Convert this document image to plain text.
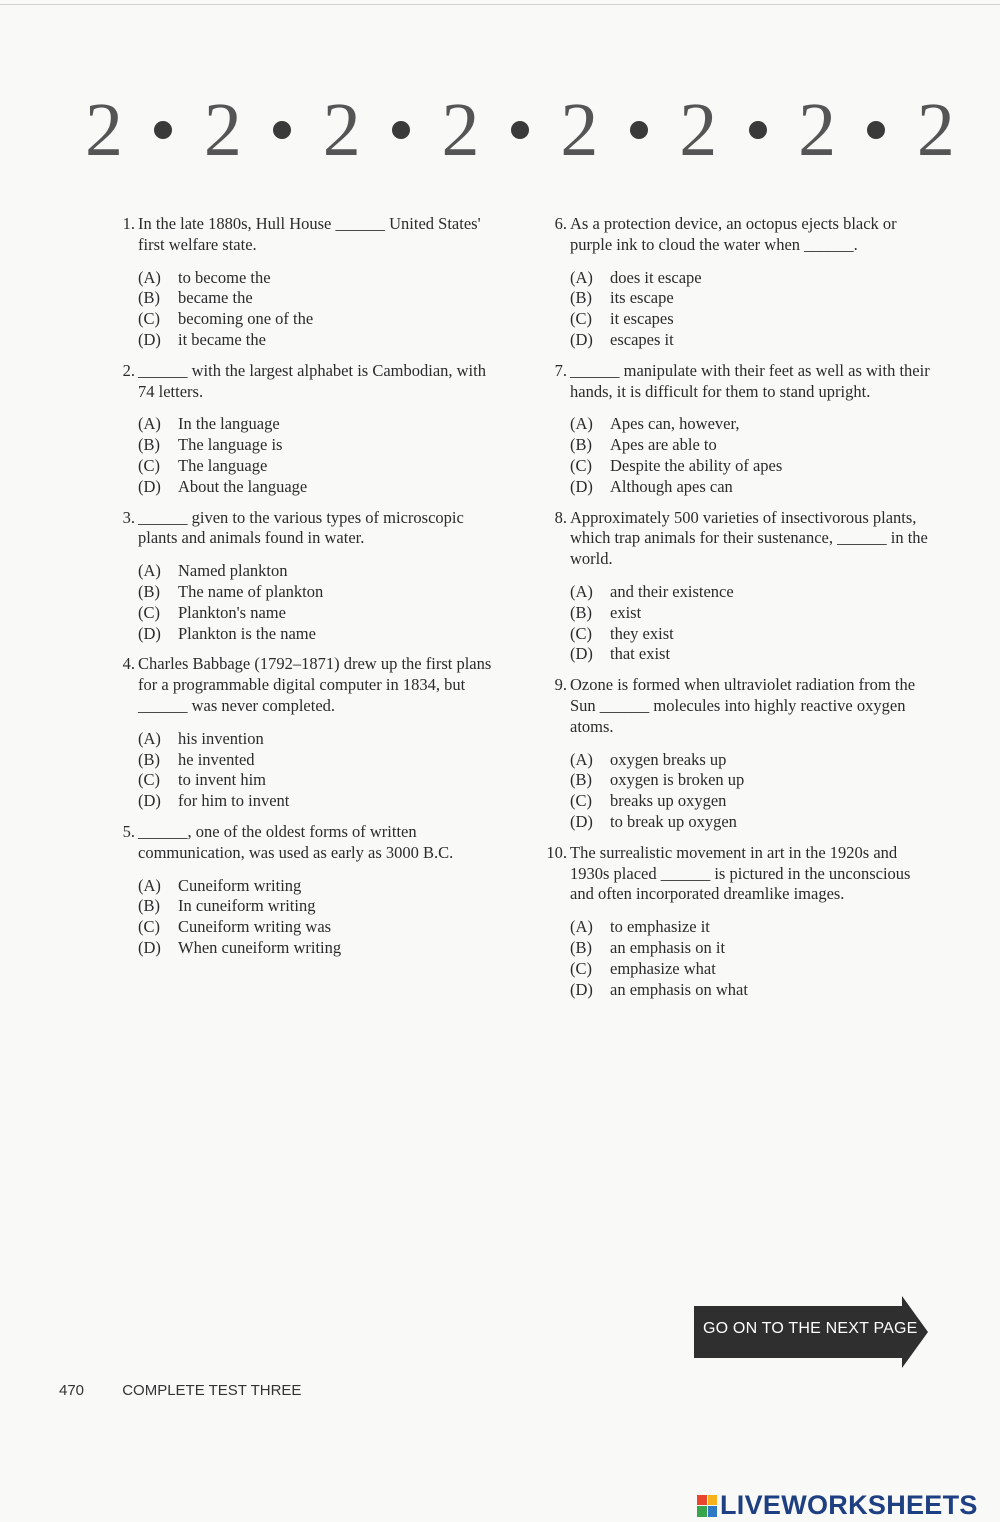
2 2 2 2 2 2 2 2
1. In the late 1880s, Hull House ______ United States' first welfare state.
(A)	to become the
(B)	became the
(C)	becoming one of the
(D)	it became the
2. ______ with the largest alphabet is Cambodian, with 74 letters.
(A)	In the language
(B)	The language is
(C)	The language
(D)	About the language
3. ______ given to the various types of microscopic plants and animals found in water.
(A)	Named plankton
(B)	The name of plankton
(C)	Plankton's name
(D)	Plankton is the name
4. Charles Babbage (1792–1871) drew up the first plans for a programmable digital computer in 1834, but ______ was never completed.
(A)	his invention
(B)	he invented
(C)	to invent him
(D)	for him to invent
5. ______, one of the oldest forms of written communication, was used as early as 3000 B.C.
(A)	Cuneiform writing
(B)	In cuneiform writing
(C)	Cuneiform writing was
(D)	When cuneiform writing
6. As a protection device, an octopus ejects black or purple ink to cloud the water when ______.
(A)	does it escape
(B)	its escape
(C)	it escapes
(D)	escapes it
7. ______ manipulate with their feet as well as with their hands, it is difficult for them to stand upright.
(A)	Apes can, however,
(B)	Apes are able to
(C)	Despite the ability of apes
(D)	Although apes can
8. Approximately 500 varieties of insectivorous plants, which trap animals for their sustenance, ______ in the world.
(A)	and their existence
(B)	exist
(C)	they exist
(D)	that exist
9. Ozone is formed when ultraviolet radiation from the Sun ______ molecules into highly reactive oxygen atoms.
(A)	oxygen breaks up
(B)	oxygen is broken up
(C)	breaks up oxygen
(D)	to break up oxygen
10. The surrealistic movement in art in the 1920s and 1930s placed ______ is pictured in the unconscious and often incorporated dreamlike images.
(A)	to emphasize it
(B)	an emphasis on it
(C)	emphasize what
(D)	an emphasis on what
GO ON TO THE NEXT PAGE
470	COMPLETE TEST THREE
LIVEWORKSHEETS
